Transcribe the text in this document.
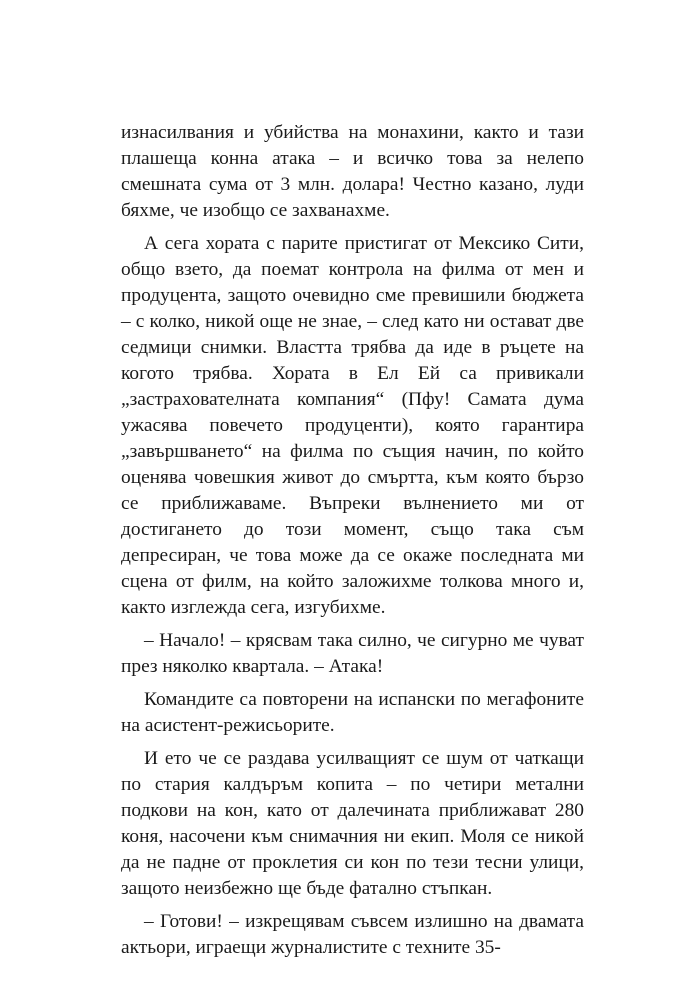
изнасилвания и убийства на монахини, както и тази плашеща конна атака – и всичко това за нелепо смешната сума от 3 млн. долара! Честно казано, луди бяхме, че изобщо се захванахме.

А сега хората с парите пристигат от Мексико Сити, общо взето, да поемат контрола на филма от мен и продуцента, защото очевидно сме превишили бюджета – с колко, никой още не знае, – след като ни остават две седмици снимки. Властта трябва да иде в ръцете на когото трябва. Хората в Ел Ей са привикали „застрахователната компания“ (Пфу! Самата дума ужасява повечето продуценти), която гарантира „завършването“ на филма по същия начин, по който оценява човешкия живот до смъртта, към която бързо се приближаваме. Въпреки вълнението ми от достигането до този момент, също така съм депресиран, че това може да се окаже последната ми сцена от филм, на който заложихме толкова много и, както изглежда сега, изгубихме.

– Начало! – крясвам така силно, че сигурно ме чуват през няколко квартала. – Атака!

Командите са повторени на испански по мегафоните на асистент-режисьорите.

И ето че се раздава усилващият се шум от чаткащи по стария калдъръм копита – по четири метални подкови на кон, като от далечината приближават 280 коня, насочени към снимачния ни екип. Моля се никой да не падне от проклетия си кон по тези тесни улици, защото неизбежно ще бъде фатално стъпкан.

– Готови! – изкрещявам съвсем излишно на двамата актьори, играещи журналистите с техните 35-
